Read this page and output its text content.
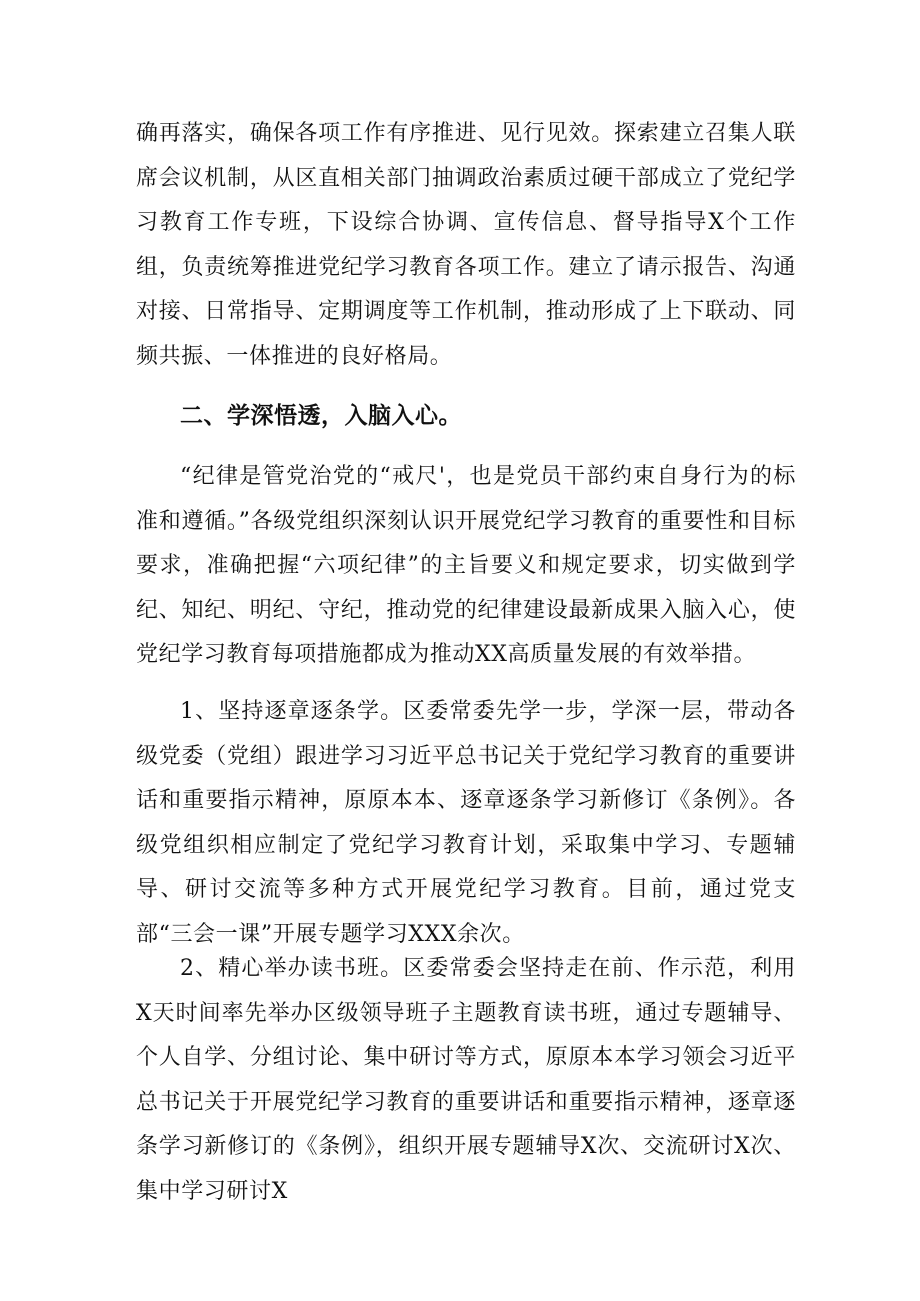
确再落实，确保各项工作有序推进、见行见效。探索建立召集人联席会议机制，从区直相关部门抽调政治素质过硬干部成立了党纪学习教育工作专班，下设综合协调、宣传信息、督导指导X个工作组，负责统筹推进党纪学习教育各项工作。建立了请示报告、沟通对接、日常指导、定期调度等工作机制，推动形成了上下联动、同频共振、一体推进的良好格局。

二、学深悟透，入脑入心。

“纪律是管党治党的“戒尺'，也是党员干部约束自身行为的标准和遵循。”各级党组织深刻认识开展党纪学习教育的重要性和目标要求，准确把握“六项纪律”的主旨要义和规定要求，切实做到学纪、知纪、明纪、守纪，推动党的纪律建设最新成果入脑入心，使党纪学习教育每项措施都成为推动XX高质量发展的有效举措。

1、坚持逐章逐条学。区委常委先学一步，学深一层，带动各级党委（党组）跟进学习习近平总书记关于党纪学习教育的重要讲话和重要指示精神，原原本本、逐章逐条学习新修订《条例》。各级党组织相应制定了党纪学习教育计划，采取集中学习、专题辅导、研讨交流等多种方式开展党纪学习教育。目前，通过党支部“三会一课”开展专题学习XXX余次。

2、精心举办读书班。区委常委会坚持走在前、作示范，利用X天时间率先举办区级领导班子主题教育读书班，通过专题辅导、个人自学、分组讨论、集中研讨等方式，原原本本学习领会习近平总书记关于开展党纪学习教育的重要讲话和重要指示精神，逐章逐条学习新修订的《条例》，组织开展专题辅导X次、交流研讨X次、集中学习研讨X
